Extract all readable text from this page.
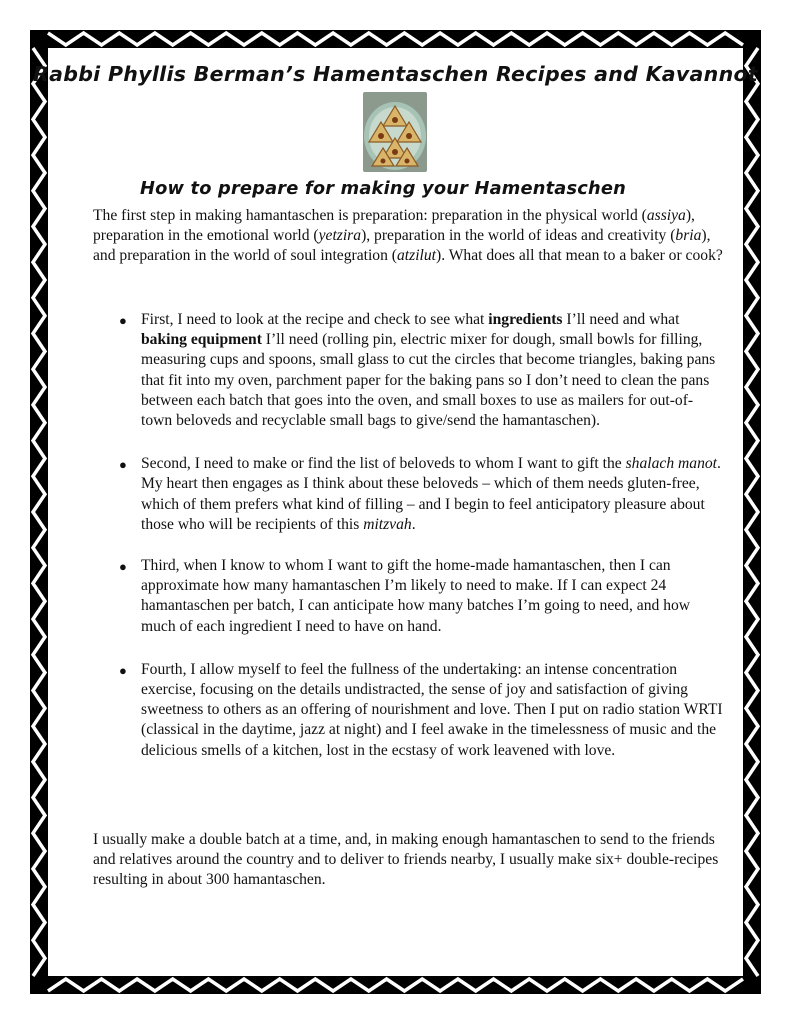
Rabbi Phyllis Berman’s Hamentaschen Recipes and Kavannot
How to prepare for making your Hamentaschen

The first step in making hamantaschen is preparation: preparation in the physical world (assiya), preparation in the emotional world (yetzira), preparation in the world of ideas and creativity (bria), and preparation in the world of soul integration (atzilut). What does all that mean to a baker or cook?

● First, I need to look at the recipe and check to see what ingredients I’ll need and what baking equipment I’ll need (rolling pin, electric mixer for dough, small bowls for filling, measuring cups and spoons, small glass to cut the circles that become triangles, baking pans that fit into my oven, parchment paper for the baking pans so I don’t need to clean the pans between each batch that goes into the oven, and small boxes to use as mailers for out-of-town beloveds and recyclable small bags to give/send the hamantaschen).
● Second, I need to make or find the list of beloveds to whom I want to gift the shalach manot. My heart then engages as I think about these beloveds – which of them needs gluten-free, which of them prefers what kind of filling – and I begin to feel anticipatory pleasure about those who will be recipients of this mitzvah.
● Third, when I know to whom I want to gift the home-made hamantaschen, then I can approximate how many hamantaschen I’m likely to need to make. If I can expect 24 hamantaschen per batch, I can anticipate how many batches I’m going to need, and how much of each ingredient I need to have on hand.
● Fourth, I allow myself to feel the fullness of the undertaking: an intense concentration exercise, focusing on the details undistracted, the sense of joy and satisfaction of giving sweetness to others as an offering of nourishment and love. Then I put on radio station WRTI (classical in the daytime, jazz at night) and I feel awake in the timelessness of music and the delicious smells of a kitchen, lost in the ecstasy of work leavened with love.

I usually make a double batch at a time, and, in making enough hamantaschen to send to the friends and relatives around the country and to deliver to friends nearby, I usually make six+ double-recipes resulting in about 300 hamantaschen.
